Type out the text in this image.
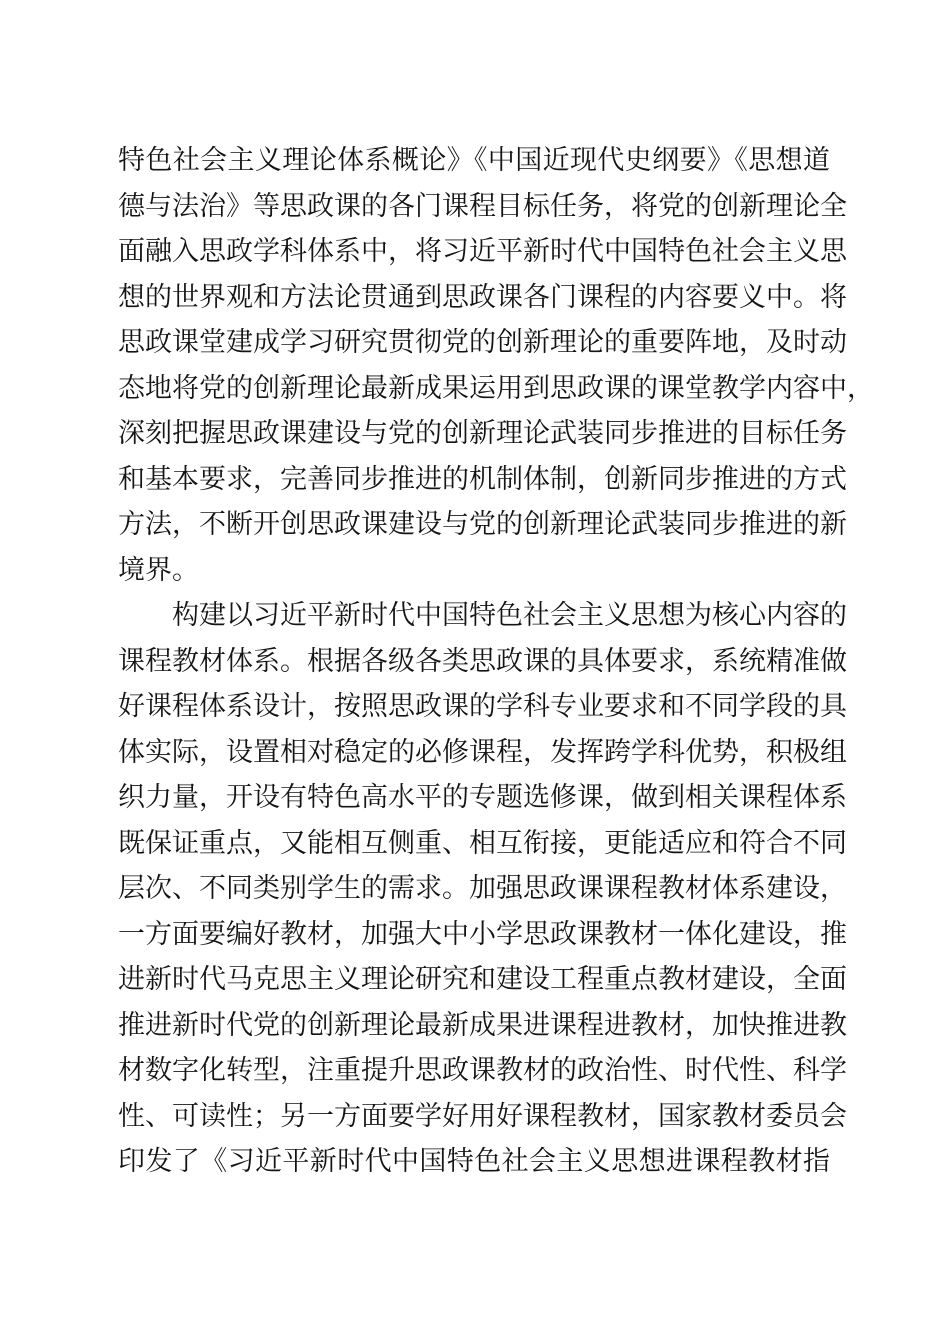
特色社会主义理论体系概论》《中国近现代史纲要》《思想道
德与法治》等思政课的各门课程目标任务，将党的创新理论全
面融入思政学科体系中，将习近平新时代中国特色社会主义思
想的世界观和方法论贯通到思政课各门课程的内容要义中。将
思政课堂建成学习研究贯彻党的创新理论的重要阵地，及时动
态地将党的创新理论最新成果运用到思政课的课堂教学内容中，
深刻把握思政课建设与党的创新理论武装同步推进的目标任务
和基本要求，完善同步推进的机制体制，创新同步推进的方式
方法，不断开创思政课建设与党的创新理论武装同步推进的新
境界。
构建以习近平新时代中国特色社会主义思想为核心内容的
课程教材体系。根据各级各类思政课的具体要求，系统精准做
好课程体系设计，按照思政课的学科专业要求和不同学段的具
体实际，设置相对稳定的必修课程，发挥跨学科优势，积极组
织力量，开设有特色高水平的专题选修课，做到相关课程体系
既保证重点，又能相互侧重、相互衔接，更能适应和符合不同
层次、不同类别学生的需求。加强思政课课程教材体系建设，
一方面要编好教材，加强大中小学思政课教材一体化建设，推
进新时代马克思主义理论研究和建设工程重点教材建设，全面
推进新时代党的创新理论最新成果进课程进教材，加快推进教
材数字化转型，注重提升思政课教材的政治性、时代性、科学
性、可读性；另一方面要学好用好课程教材，国家教材委员会
印发了《习近平新时代中国特色社会主义思想进课程教材指
